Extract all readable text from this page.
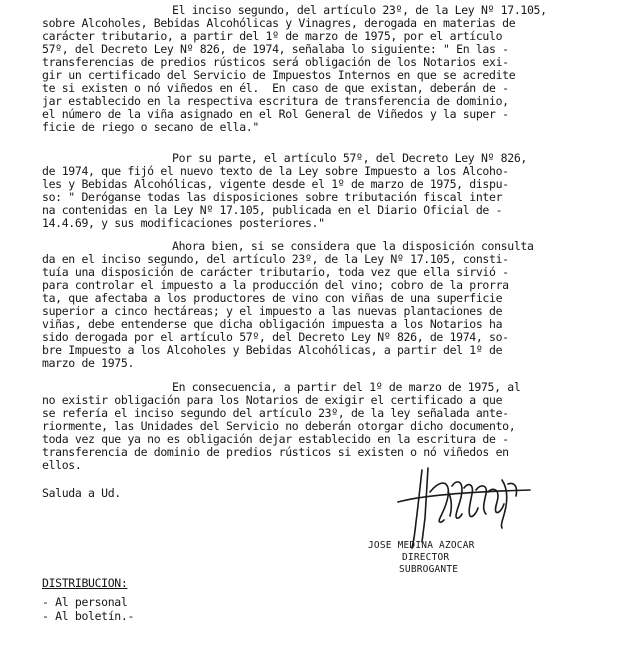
El inciso segundo, del artículo 23º, de la Ley Nº 17.105,
sobre Alcoholes, Bebidas Alcohólicas y Vinagres, derogada en materias de
carácter tributario, a partir del 1º de marzo de 1975, por el artículo
57º, del Decreto Ley Nº 826, de 1974, señalaba lo siguiente: " En las -
transferencias de predios rústicos será obligación de los Notarios exi-
gir un certificado del Servicio de Impuestos Internos en que se acredite
te si existen o nó viñedos en él.  En caso de que existan, deberán de -
jar establecido en la respectiva escritura de transferencia de dominio,
el número de la viña asignado en el Rol General de Viñedos y la super -
ficie de riego o secano de ella."
Por su parte, el artículo 57º, del Decreto Ley Nº 826,
de 1974, que fijó el nuevo texto de la Ley sobre Impuesto a los Alcoho-
les y Bebidas Alcohólicas, vigente desde el 1º de marzo de 1975, dispu-
so: " Deróganse todas las disposiciones sobre tributación fiscal inter
na contenidas en la Ley Nº 17.105, publicada en el Diario Oficial de -
14.4.69, y sus modificaciones posteriores."
Ahora bien, si se considera que la disposición consulta
da en el inciso segundo, del artículo 23º, de la Ley Nº 17.105, consti-
tuía una disposición de carácter tributario, toda vez que ella sirvió -
para controlar el impuesto a la producción del vino; cobro de la prorra
ta, que afectaba a los productores de vino con viñas de una superficie
superior a cinco hectáreas; y el impuesto a las nuevas plantaciones de
viñas, debe entenderse que dicha obligación impuesta a los Notarios ha
sido derogada por el artículo 57º, del Decreto Ley Nº 826, de 1974, so-
bre Impuesto a los Alcoholes y Bebidas Alcohólicas, a partir del 1º de
marzo de 1975.
En consecuencia, a partir del 1º de marzo de 1975, al
no existir obligación para los Notarios de exigir el certificado a que
se refería el inciso segundo del artículo 23º, de la ley señalada ante-
riormente, las Unidades del Servicio no deberán otorgar dicho documento,
toda vez que ya no es obligación dejar establecido en la escritura de -
transferencia de dominio de predios rústicos si existen o nó viñedos en
ellos.
Saluda a Ud.
JOSE MEDINA AZOCAR
DIRECTOR
SUBROGANTE
DISTRIBUCION:
- Al personal
- Al boletín.-
